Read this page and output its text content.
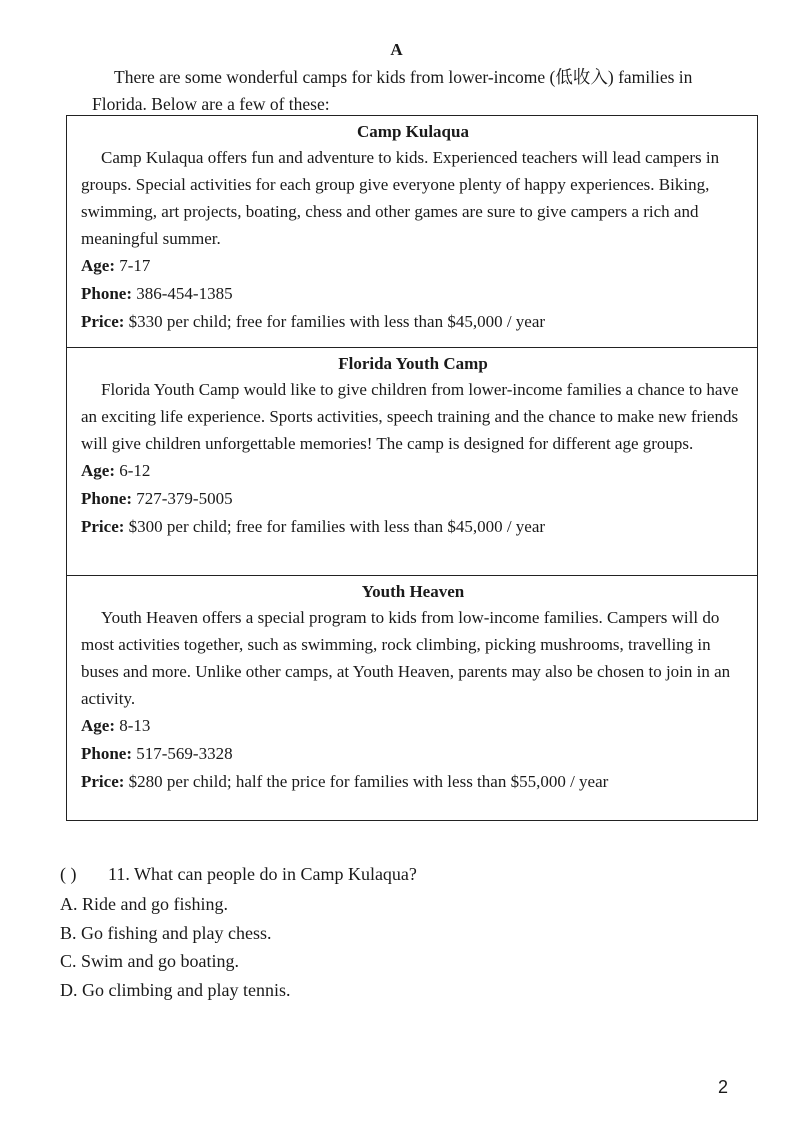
A
There are some wonderful camps for kids from lower-income (低收入) families in Florida. Below are a few of these:
Camp Kulaqua
Camp Kulaqua offers fun and adventure to kids. Experienced teachers will lead campers in groups. Special activities for each group give everyone plenty of happy experiences. Biking, swimming, art projects, boating, chess and other games are sure to give campers a rich and meaningful summer.
Age: 7-17
Phone: 386-454-1385
Price: $330 per child; free for families with less than $45,000 / year
Florida Youth Camp
Florida Youth Camp would like to give children from lower-income families a chance to have an exciting life experience. Sports activities, speech training and the chance to make new friends will give children unforgettable memories! The camp is designed for different age groups.
Age: 6-12
Phone: 727-379-5005
Price: $300 per child; free for families with less than $45,000 / year
Youth Heaven
Youth Heaven offers a special program to kids from low-income families. Campers will do most activities together, such as swimming, rock climbing, picking mushrooms, travelling in buses and more. Unlike other camps, at Youth Heaven, parents may also be chosen to join in an activity.
Age: 8-13
Phone: 517-569-3328
Price: $280 per child; half the price for families with less than $55,000 / year
( ) 11. What can people do in Camp Kulaqua?
A. Ride and go fishing.
B. Go fishing and play chess.
C. Swim and go boating.
D. Go climbing and play tennis.
2
